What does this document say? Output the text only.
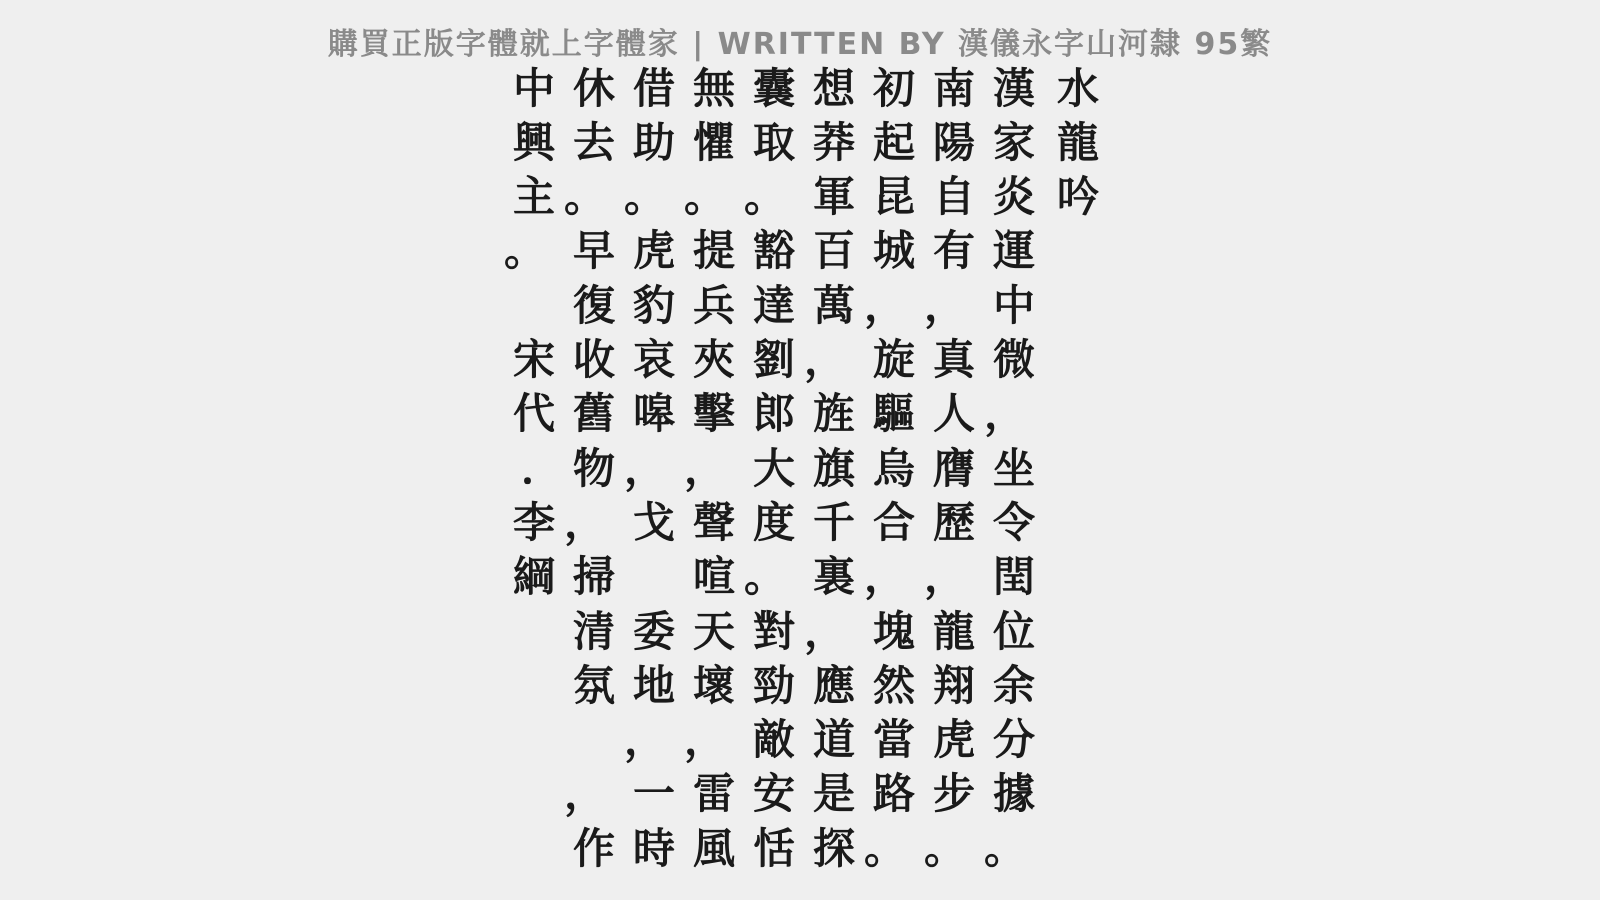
購買正版字體就上字體家 | WRITTEN BY 漢儀永字山河隸 95繁
水
龍
吟
漢
家
炎
運
中
微
，
坐
令
閏
位
余
分
據
。
南
陽
自
有
，
真
人
膺
歷
，
龍
翔
虎
步
。
初
起
昆
城
，
旋
驅
烏
合
，
塊
然
當
路
。
想
莽
軍
百
萬
，
旌
旗
千
裏
，
應
道
是
探
囊
取
。
豁
達
劉
郎
大
度
。
對
勁
敵
安
恬
無
懼
。
提
兵
夾
擊
，
聲
喧
天
壞
，
雷
風
借
助
。
虎
豹
哀
嗥
，
戈
委
地
，
一
時
休
去
。
早
復
收
舊
物
，
掃
清
氛
，
作
中
興
主
。
宋
代
．
李
綱
